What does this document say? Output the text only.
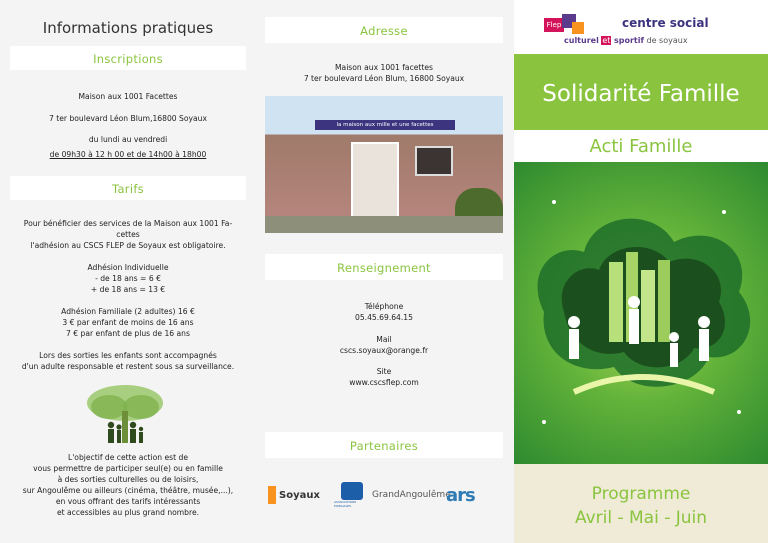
Informations pratiques
Inscriptions
Maison aux 1001 Facettes
7 ter boulevard Léon Blum,16800 Soyaux
du lundi au vendredi
de 09h30 à 12 h 00 et de 14h00 à 18h00
Tarifs
Pour bénéficier des services de la Maison aux 1001 Fa-
cettes
l'adhésion au CSCS FLEP de Soyaux est obligatoire.
Adhésion Individuelle
- de 18 ans = 6 €
+ de 18 ans = 13 €
Adhésion Familiale (2 adultes) 16 €
3 € par enfant de moins de 16 ans
7 € par enfant de plus de 16 ans
Lors des sorties les enfants sont accompagnés
d'un adulte responsable et restent sous sa surveillance.
L'objectif de cette action est de
vous permettre de participer seul(e) ou en famille
à des sorties culturelles ou de loisirs,
sur Angoulême ou ailleurs (cinéma, théâtre, musée,...),
en vous offrant des tarifs intéressants
et accessibles au plus grand nombre.
Adresse
Maison aux 1001 facettes
7 ter boulevard Léon Blum, 16800 Soyaux
la maison aux mille et une facettes
Renseignement
Téléphone
05.45.69.64.15
Mail
cscs.soyaux@orange.fr
Site
www.cscsflep.com
Partenaires
Soyaux
ASSOCIATIONS FAMILIALES
GrandAngoulême
ars
Flep	centre social
culturel et sportif de soyaux
Solidarité Famille
Acti Famille
Programme
Avril - Mai - Juin
